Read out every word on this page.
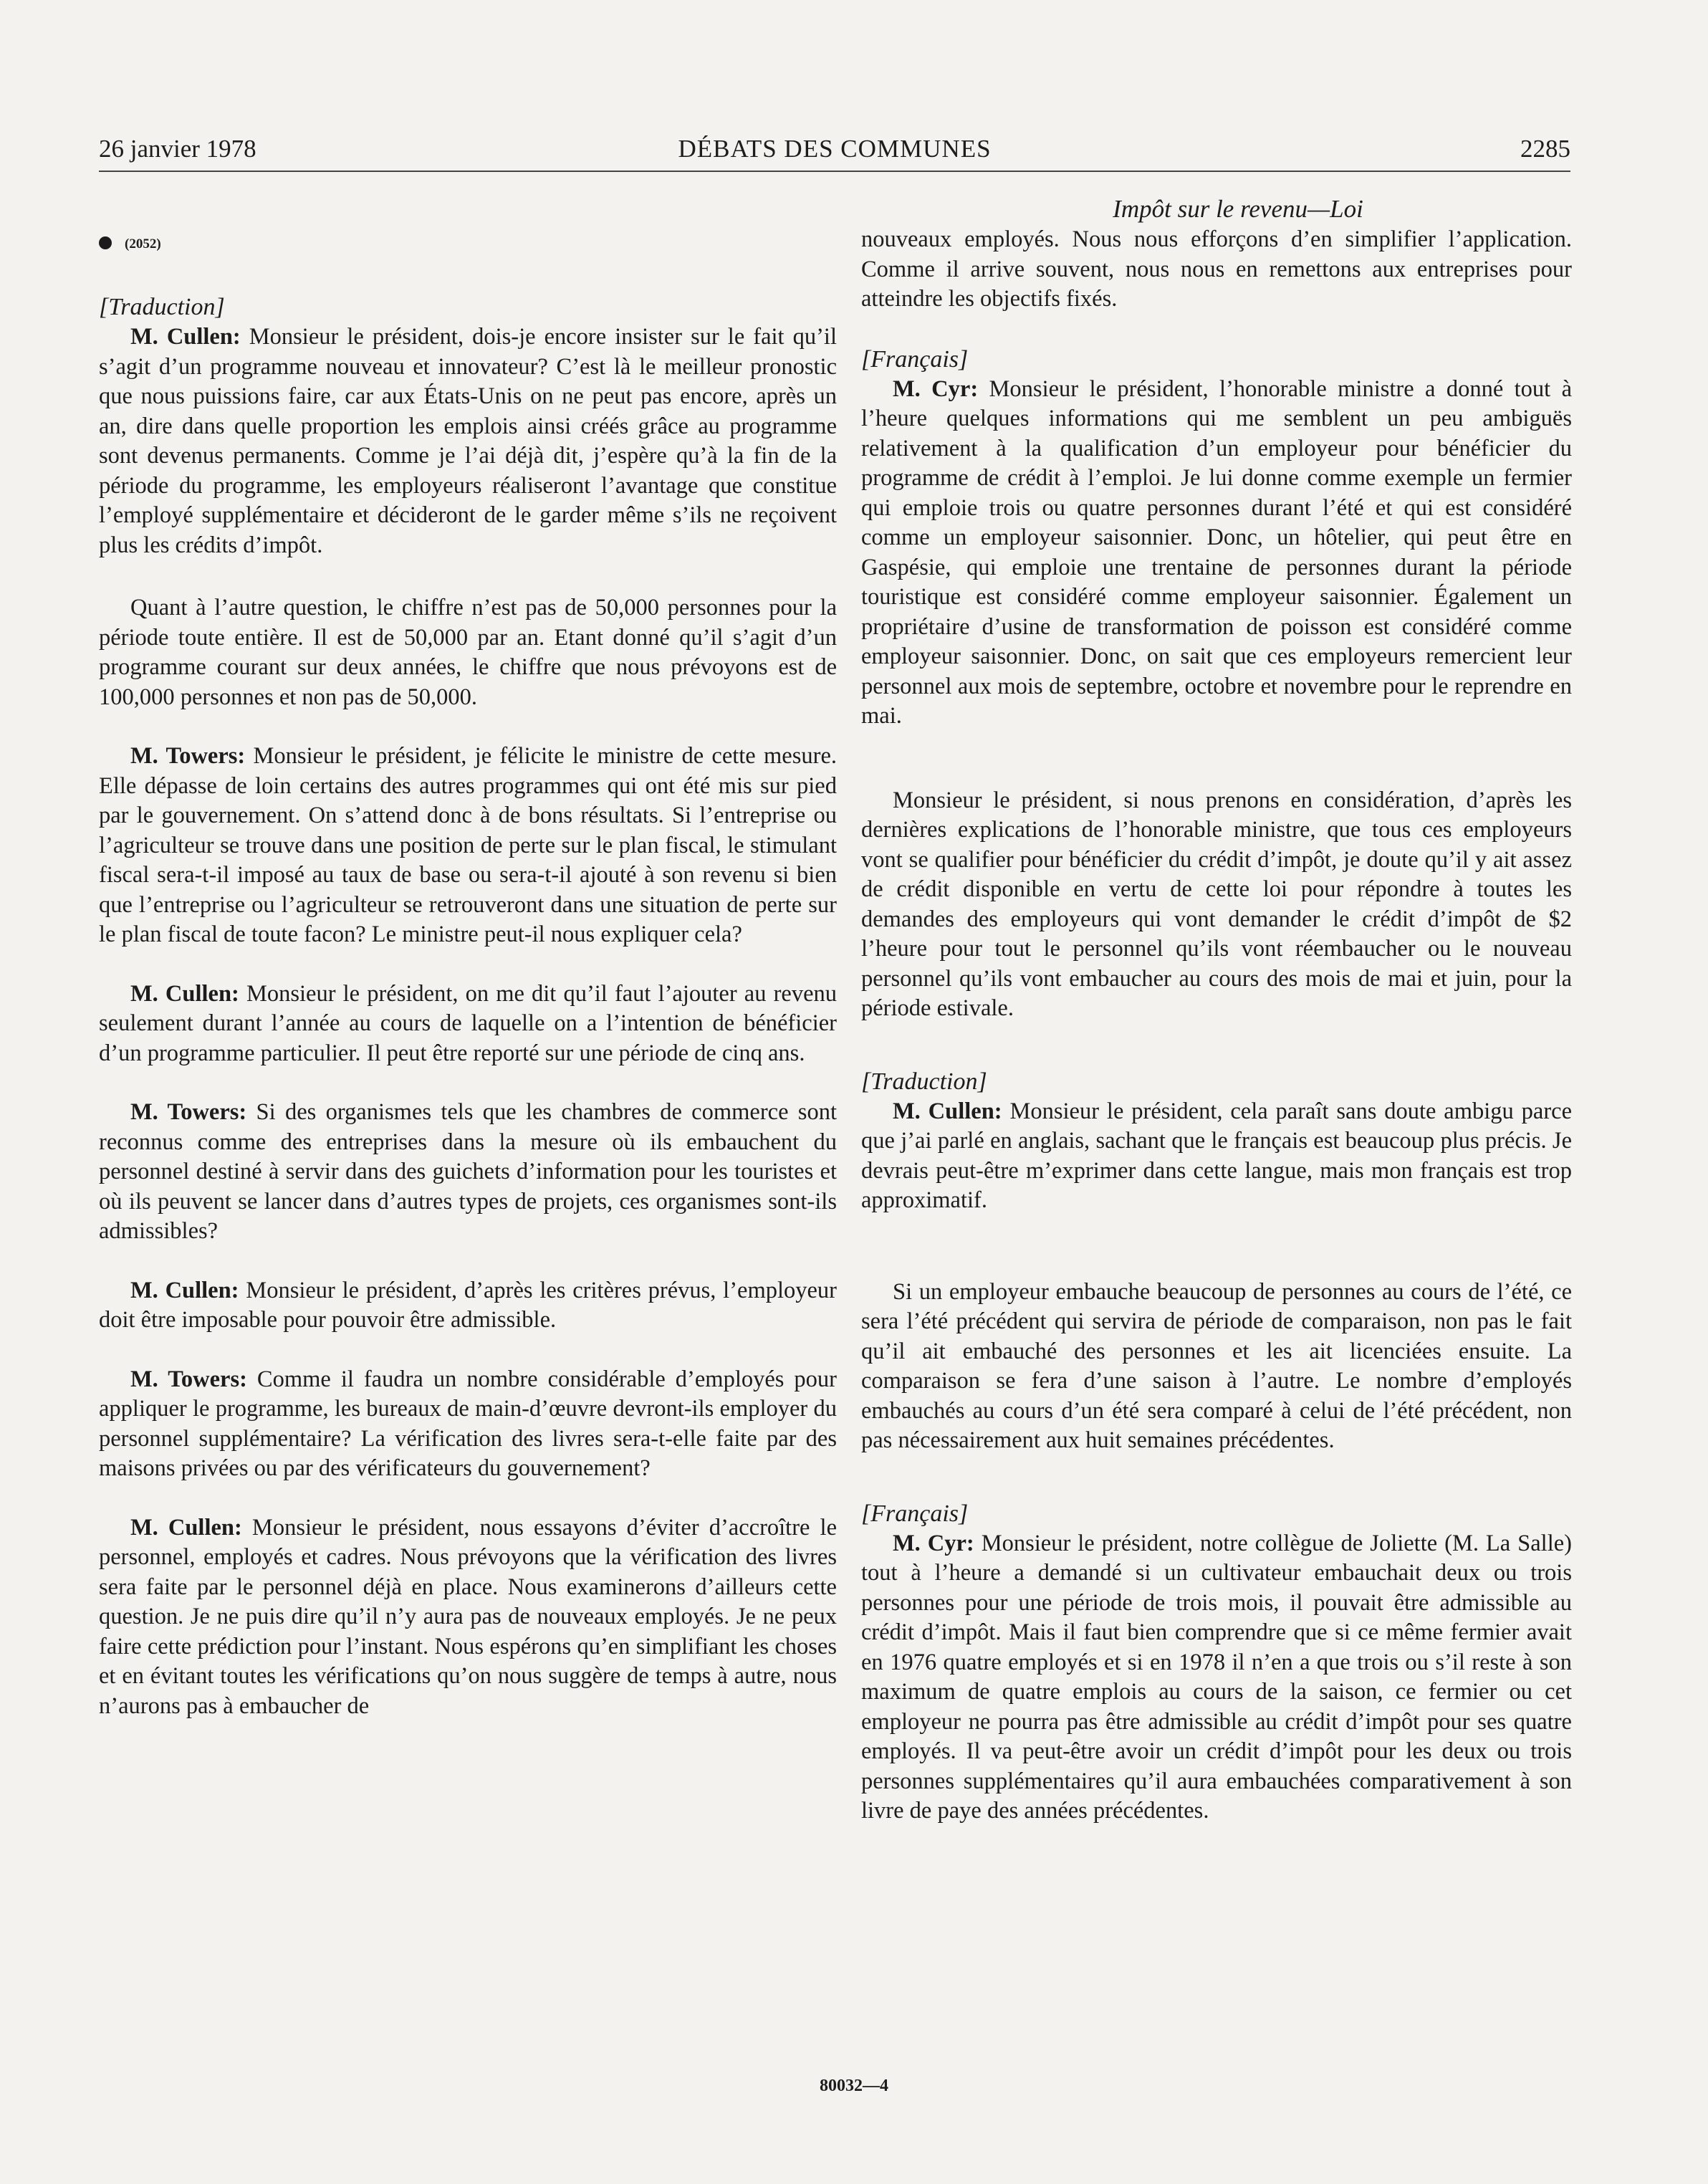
26 janvier 1978	DÉBATS DES COMMUNES	2285
(2052)

[Traduction]

M. Cullen: Monsieur le président, dois-je encore insister sur le fait qu’il s’agit d’un programme nouveau et innovateur? C’est là le meilleur pronostic que nous puissions faire, car aux États-Unis on ne peut pas encore, après un an, dire dans quelle proportion les emplois ainsi créés grâce au programme sont devenus permanents. Comme je l’ai déjà dit, j’espère qu’à la fin de la période du programme, les employeurs réaliseront l’avantage que constitue l’employé supplémentaire et décideront de le garder même s’ils ne reçoivent plus les crédits d’impôt.

Quant à l’autre question, le chiffre n’est pas de 50,000 personnes pour la période toute entière. Il est de 50,000 par an. Etant donné qu’il s’agit d’un programme courant sur deux années, le chiffre que nous prévoyons est de 100,000 personnes et non pas de 50,000.

M. Towers: Monsieur le président, je félicite le ministre de cette mesure. Elle dépasse de loin certains des autres programmes qui ont été mis sur pied par le gouvernement. On s’attend donc à de bons résultats. Si l’entreprise ou l’agriculteur se trouve dans une position de perte sur le plan fiscal, le stimulant fiscal sera-t-il imposé au taux de base ou sera-t-il ajouté à son revenu si bien que l’entreprise ou l’agriculteur se retrouveront dans une situation de perte sur le plan fiscal de toute facon? Le ministre peut-il nous expliquer cela?

M. Cullen: Monsieur le président, on me dit qu’il faut l’ajouter au revenu seulement durant l’année au cours de laquelle on a l’intention de bénéficier d’un programme particulier. Il peut être reporté sur une période de cinq ans.

M. Towers: Si des organismes tels que les chambres de commerce sont reconnus comme des entreprises dans la mesure où ils embauchent du personnel destiné à servir dans des guichets d’information pour les touristes et où ils peuvent se lancer dans d’autres types de projets, ces organismes sont-ils admissibles?

M. Cullen: Monsieur le président, d’après les critères prévus, l’employeur doit être imposable pour pouvoir être admissible.

M. Towers: Comme il faudra un nombre considérable d’employés pour appliquer le programme, les bureaux de main-d’œuvre devront-ils employer du personnel supplémentaire? La vérification des livres sera-t-elle faite par des maisons privées ou par des vérificateurs du gouvernement?

M. Cullen: Monsieur le président, nous essayons d’éviter d’accroître le personnel, employés et cadres. Nous prévoyons que la vérification des livres sera faite par le personnel déjà en place. Nous examinerons d’ailleurs cette question. Je ne puis dire qu’il n’y aura pas de nouveaux employés. Je ne peux faire cette prédiction pour l’instant. Nous espérons qu’en simplifiant les choses et en évitant toutes les vérifications qu’on nous suggère de temps à autre, nous n’aurons pas à embaucher de

Impôt sur le revenu—Loi

nouveaux employés. Nous nous efforçons d’en simplifier l’application. Comme il arrive souvent, nous nous en remettons aux entreprises pour atteindre les objectifs fixés.

[Français]

M. Cyr: Monsieur le président, l’honorable ministre a donné tout à l’heure quelques informations qui me semblent un peu ambiguës relativement à la qualification d’un employeur pour bénéficier du programme de crédit à l’emploi. Je lui donne comme exemple un fermier qui emploie trois ou quatre personnes durant l’été et qui est considéré comme un employeur saisonnier. Donc, un hôtelier, qui peut être en Gaspésie, qui emploie une trentaine de personnes durant la période touristique est considéré comme employeur saisonnier. Également un propriétaire d’usine de transformation de poisson est considéré comme employeur saisonnier. Donc, on sait que ces employeurs remercient leur personnel aux mois de septembre, octobre et novembre pour le reprendre en mai.

Monsieur le président, si nous prenons en considération, d’après les dernières explications de l’honorable ministre, que tous ces employeurs vont se qualifier pour bénéficier du crédit d’impôt, je doute qu’il y ait assez de crédit disponible en vertu de cette loi pour répondre à toutes les demandes des employeurs qui vont demander le crédit d’impôt de $2 l’heure pour tout le personnel qu’ils vont réembaucher ou le nouveau personnel qu’ils vont embaucher au cours des mois de mai et juin, pour la période estivale.

[Traduction]

M. Cullen: Monsieur le président, cela paraît sans doute ambigu parce que j’ai parlé en anglais, sachant que le français est beaucoup plus précis. Je devrais peut-être m’exprimer dans cette langue, mais mon français est trop approximatif.

Si un employeur embauche beaucoup de personnes au cours de l’été, ce sera l’été précédent qui servira de période de comparaison, non pas le fait qu’il ait embauché des personnes et les ait licenciées ensuite. La comparaison se fera d’une saison à l’autre. Le nombre d’employés embauchés au cours d’un été sera comparé à celui de l’été précédent, non pas nécessairement aux huit semaines précédentes.

[Français]

M. Cyr: Monsieur le président, notre collègue de Joliette (M. La Salle) tout à l’heure a demandé si un cultivateur embauchait deux ou trois personnes pour une période de trois mois, il pouvait être admissible au crédit d’impôt. Mais il faut bien comprendre que si ce même fermier avait en 1976 quatre employés et si en 1978 il n’en a que trois ou s’il reste à son maximum de quatre emplois au cours de la saison, ce fermier ou cet employeur ne pourra pas être admissible au crédit d’impôt pour ses quatre employés. Il va peut-être avoir un crédit d’impôt pour les deux ou trois personnes supplémentaires qu’il aura embauchées comparativement à son livre de paye des années précédentes.

80032—4
